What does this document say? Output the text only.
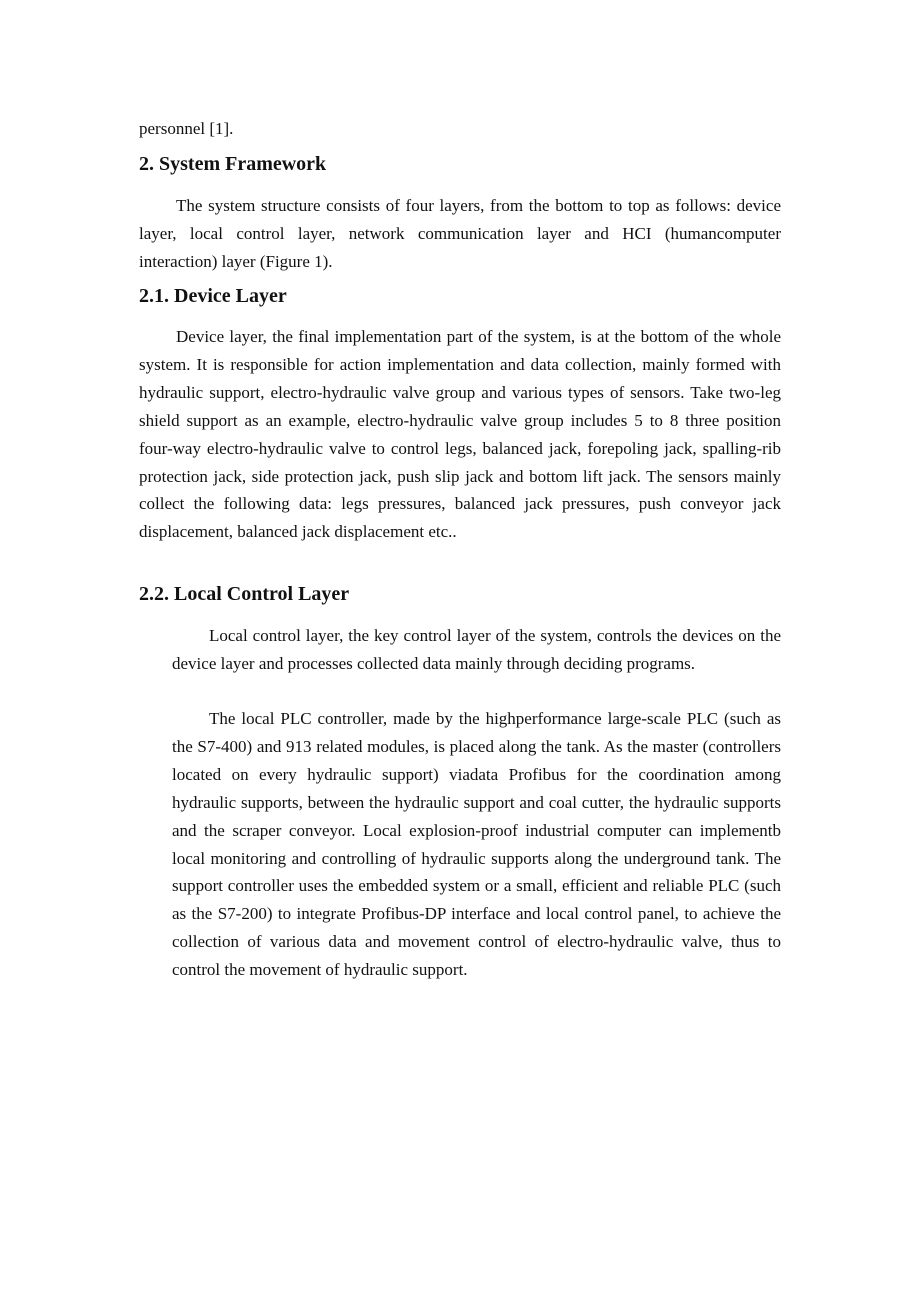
personnel [1].

2. System Framework

The system structure consists of four layers, from the bottom to top as follows: device layer, local control layer, network communication layer and HCI (humancomputer interaction) layer (Figure 1).

2.1. Device Layer

Device layer, the final implementation part of the system, is at the bottom of the whole system. It is responsible for action implementation and data collection, mainly formed with hydraulic support, electro-hydraulic valve group and various types of sensors. Take two-leg shield support as an example, electro-hydraulic valve group includes 5 to 8 three position four-way electro-hydraulic valve to control legs, balanced jack, forepoling jack, spalling-rib protection jack, side protection jack, push slip jack and bottom lift jack. The sensors mainly collect the following data: legs pressures, balanced jack pressures, push conveyor jack displacement, balanced jack displacement etc..

2.2. Local Control Layer

Local control layer, the key control layer of the system, controls the devices on the device layer and processes collected data mainly through deciding programs.

The local PLC controller, made by the highperformance large-scale PLC (such as the S7-400) and 913 related modules, is placed along the tank. As the master (controllers located on every hydraulic support) viadata Profibus for the coordination among hydraulic supports, between the hydraulic support and coal cutter, the hydraulic supports and the scraper conveyor. Local explosion-proof industrial computer can implementb local monitoring and controlling of hydraulic supports along the underground tank. The support controller uses the embedded system or a small, efficient and reliable PLC (such as the S7-200) to integrate Profibus-DP interface and local control panel, to achieve the collection of various data and movement control of electro-hydraulic valve, thus to control the movement of hydraulic support.
